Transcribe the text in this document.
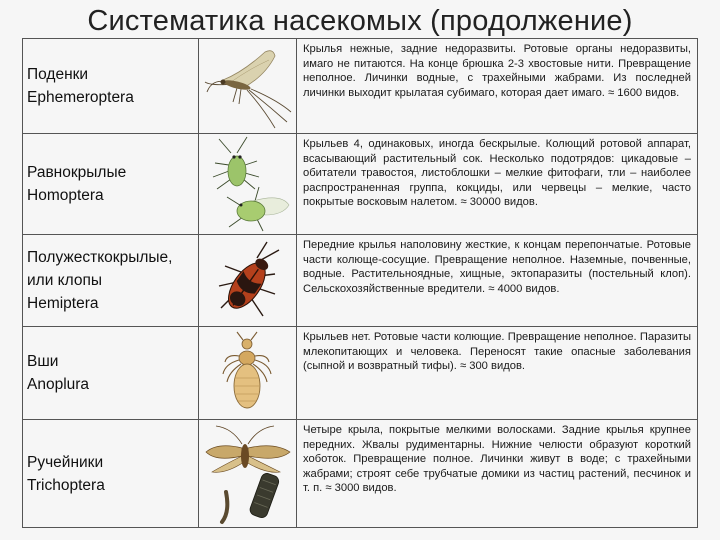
Систематика насекомых (продолжение)
Поденки
Ephemeroptera
Крылья нежные, задние недоразвиты. Ротовые органы недоразвиты, имаго не питаются. На конце брюшка 2-3 хвостовые нити. Превращение неполное. Личинки водные, с трахейными жабрами. Из последней личинки выходит крылатая субимаго, которая дает имаго. ≈ 1600 видов.
Равнокрылые
Homoptera
Крыльев 4, одинаковых, иногда бескрылые. Колющий ротовой аппарат, всасывающий растительный сок. Несколько подотрядов: цикадовые – обитатели травостоя, листоблошки – мелкие фитофаги, тли – наиболее распространенная группа, кокциды, или червецы – мелкие, часто покрытые восковым налетом. ≈ 30000 видов.
Полужесткокрылые,
или клопы
Hemiptera
Передние крылья наполовину жесткие, к концам перепончатые. Ротовые части колюще-сосущие. Превращение неполное. Наземные, почвенные, водные. Растительноядные, хищные, эктопаразиты (постельный клоп). Сельскохозяйственные вредители. ≈ 4000 видов.
Вши
Anoplura
Крыльев нет. Ротовые части колющие. Превращение неполное. Паразиты млекопитающих и человека. Переносят такие опасные заболевания (сыпной и возвратный тифы). ≈ 300 видов.
Ручейники
Trichoptera
Четыре крыла, покрытые мелкими волосками. Задние крылья крупнее передних. Жвалы рудиментарны. Нижние челюсти образуют короткий хоботок. Превращение полное. Личинки живут в воде; с трахейными жабрами; строят себе трубчатые домики из частиц растений, песчинок и т. п. ≈ 3000 видов.
